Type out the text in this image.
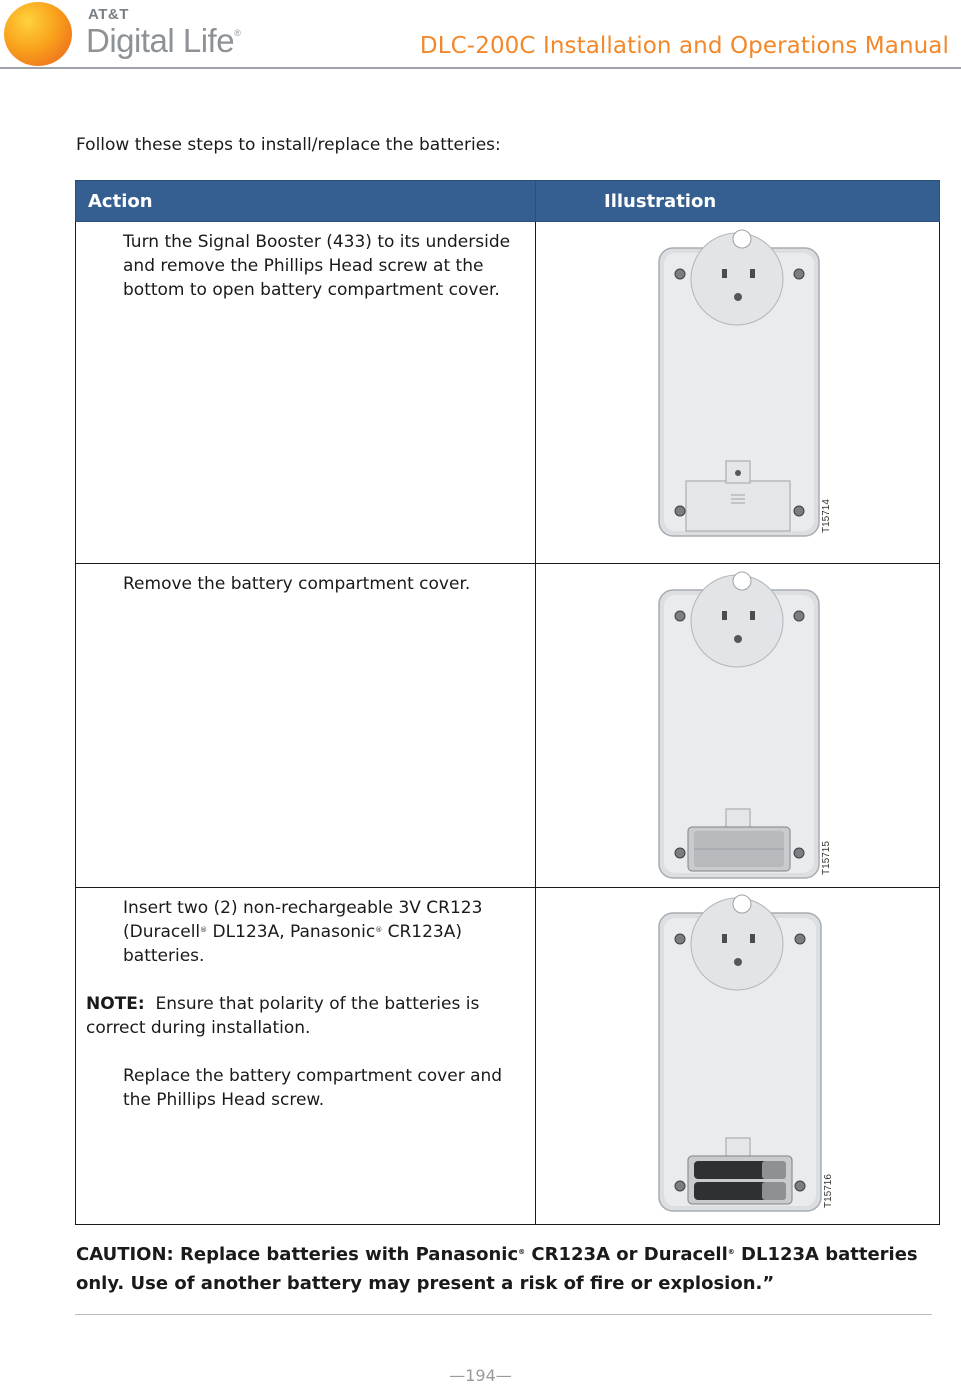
AT&T
Digital Life®	DLC-200C Installation and Operations Manual
Follow these steps to install/replace the batteries:
Action	Illustration

Turn the Signal Booster (433) to its underside and remove the Phillips Head screw at the bottom to open battery compartment cover.	T15714

Remove the battery compartment cover.	T15715

Insert two (2) non-rechargeable 3V CR123 (Duracell® DL123A, Panasonic® CR123A) batteries.
NOTE: Ensure that polarity of the batteries is correct during installation.
Replace the battery compartment cover and the Phillips Head screw.	T15716
CAUTION: Replace batteries with Panasonic® CR123A or Duracell® DL123A batteries only. Use of another battery may present a risk of fire or explosion.”
—194—
